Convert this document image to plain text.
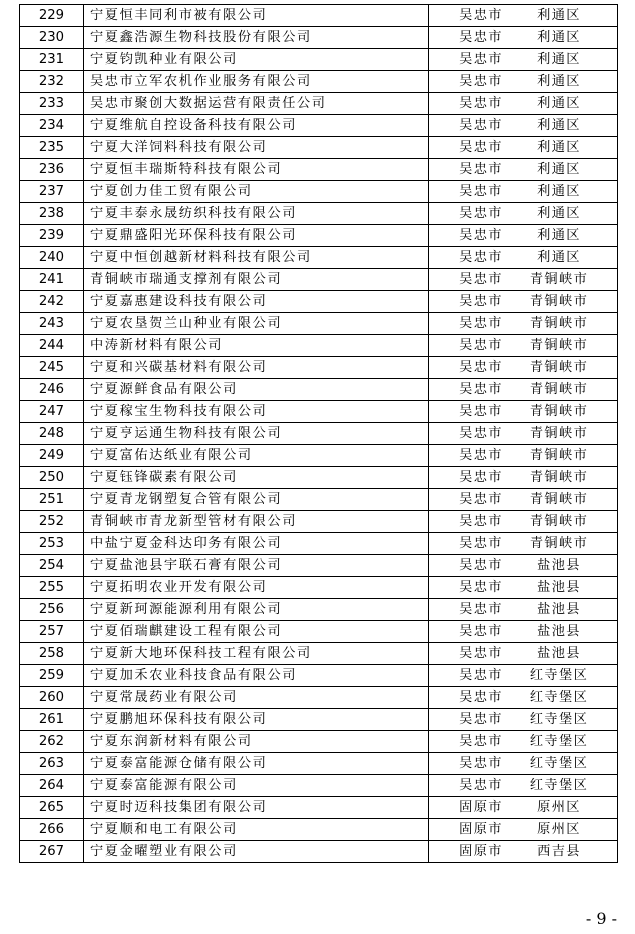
229	宁夏恒丰同利市被有限公司	吴忠市 利通区
230	宁夏鑫浩源生物科技股份有限公司	吴忠市 利通区
231	宁夏钧凯种业有限公司	吴忠市 利通区
232	吴忠市立军农机作业服务有限公司	吴忠市 利通区
233	吴忠市聚创大数据运营有限责任公司	吴忠市 利通区
234	宁夏维航自控设备科技有限公司	吴忠市 利通区
235	宁夏大洋饲料科技有限公司	吴忠市 利通区
236	宁夏恒丰瑞斯特科技有限公司	吴忠市 利通区
237	宁夏创力佳工贸有限公司	吴忠市 利通区
238	宁夏丰泰永晟纺织科技有限公司	吴忠市 利通区
239	宁夏鼎盛阳光环保科技有限公司	吴忠市 利通区
240	宁夏中恒创越新材料科技有限公司	吴忠市 利通区
241	青铜峡市瑞通支撑剂有限公司	吴忠市 青铜峡市
242	宁夏嘉惠建设科技有限公司	吴忠市 青铜峡市
243	宁夏农垦贺兰山种业有限公司	吴忠市 青铜峡市
244	中涛新材料有限公司	吴忠市 青铜峡市
245	宁夏和兴碳基材料有限公司	吴忠市 青铜峡市
246	宁夏源鲜食品有限公司	吴忠市 青铜峡市
247	宁夏稼宝生物科技有限公司	吴忠市 青铜峡市
248	宁夏亨运通生物科技有限公司	吴忠市 青铜峡市
249	宁夏富佑达纸业有限公司	吴忠市 青铜峡市
250	宁夏钰锋碳素有限公司	吴忠市 青铜峡市
251	宁夏青龙钢塑复合管有限公司	吴忠市 青铜峡市
252	青铜峡市青龙新型管材有限公司	吴忠市 青铜峡市
253	中盐宁夏金科达印务有限公司	吴忠市 青铜峡市
254	宁夏盐池县宇联石膏有限公司	吴忠市 盐池县
255	宁夏拓明农业开发有限公司	吴忠市 盐池县
256	宁夏新珂源能源利用有限公司	吴忠市 盐池县
257	宁夏佰瑞麒建设工程有限公司	吴忠市 盐池县
258	宁夏新大地环保科技工程有限公司	吴忠市 盐池县
259	宁夏加禾农业科技食品有限公司	吴忠市 红寺堡区
260	宁夏常晟药业有限公司	吴忠市 红寺堡区
261	宁夏鹏旭环保科技有限公司	吴忠市 红寺堡区
262	宁夏东润新材料有限公司	吴忠市 红寺堡区
263	宁夏泰富能源仓储有限公司	吴忠市 红寺堡区
264	宁夏泰富能源有限公司	吴忠市 红寺堡区
265	宁夏时迈科技集团有限公司	固原市 原州区
266	宁夏顺和电工有限公司	固原市 原州区
267	宁夏金曜塑业有限公司	固原市 西吉县
- 9 -
